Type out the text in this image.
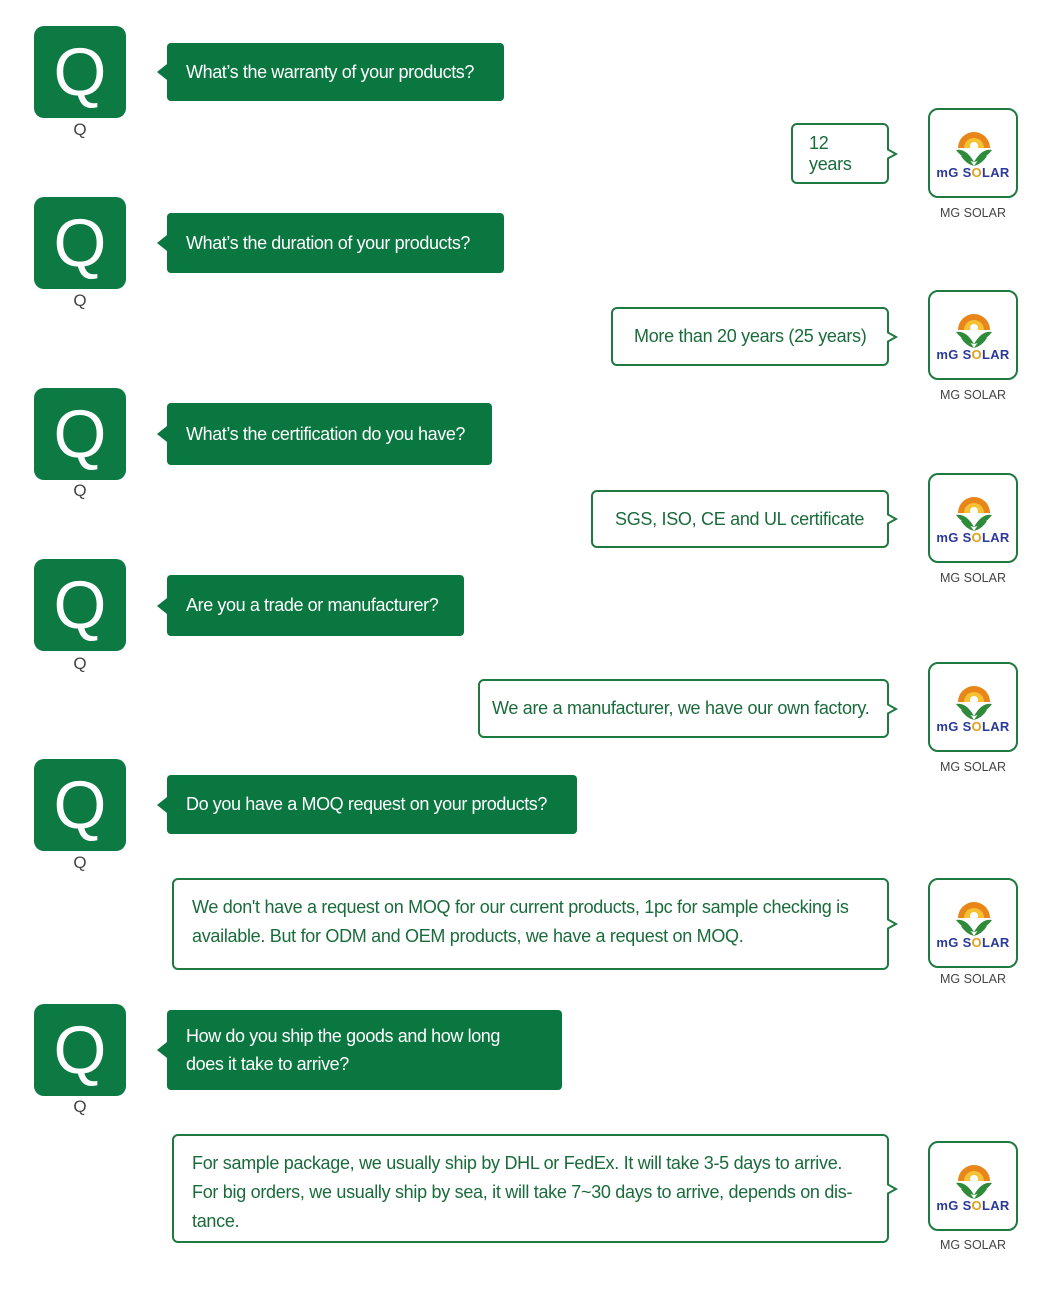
Q
Q
What’s the warranty of your products?
12 years	mG SOLAR
MG SOLAR
Q
Q
What’s the duration of your products?
More than 20 years (25 years)
mG SOLAR
MG SOLAR
Q
Q
What’s the certification do you have?
SGS, ISO, CE and UL certificate
mG SOLAR
MG SOLAR
Q
Q
Are you a trade or manufacturer?
We are a manufacturer, we have our own factory.
mG SOLAR
MG SOLAR
Q
Q
Do you have a MOQ request on your products?
We don't have a request on MOQ for our current products, 1pc for sample checking is available. But for ODM and OEM products, we have a request on MOQ.	mG SOLAR
MG SOLAR
Q
Q
How do you ship the goods and how long does it take to arrive?
For sample package, we usually ship by DHL or FedEx. It will take 3-5 days to arrive. For big orders, we usually ship by sea, it will take 7~30 days to arrive, depends on dis-tance.
mG SOLAR
MG SOLAR
